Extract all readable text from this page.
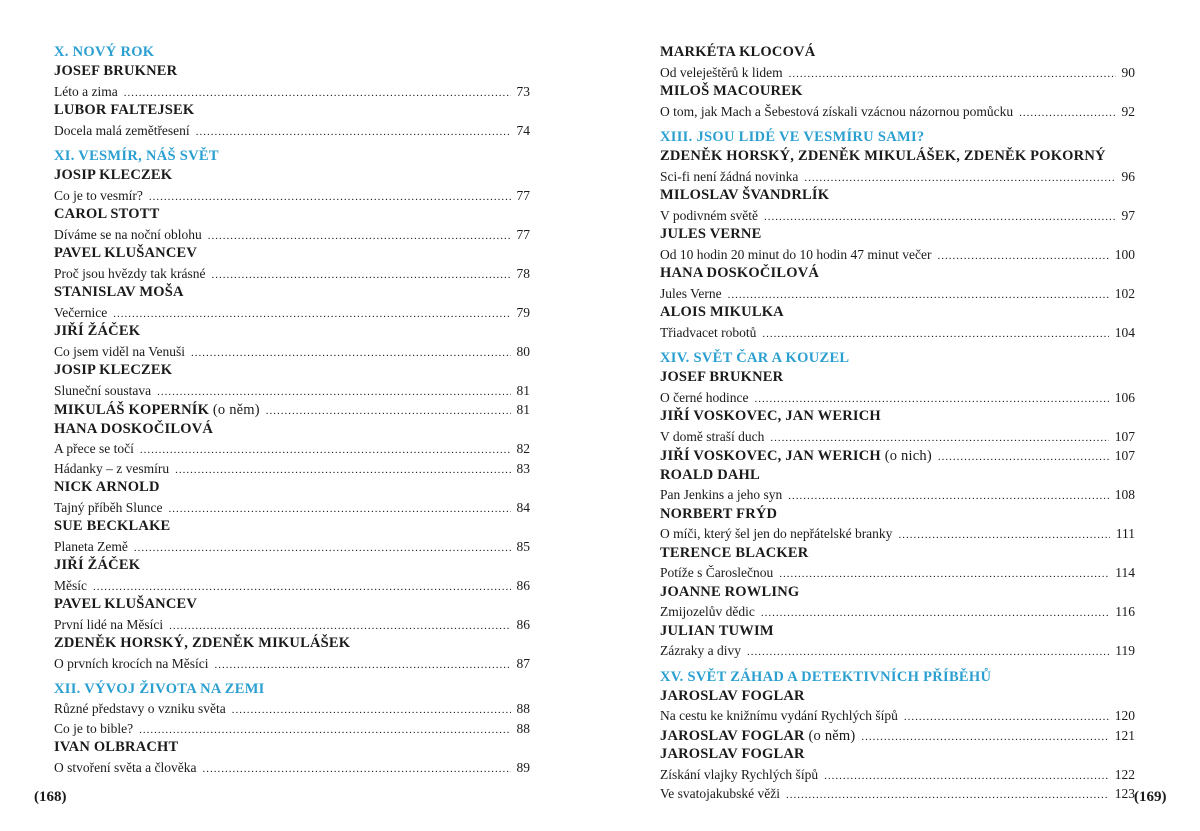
X. NOVÝ ROK
JOSEF BRUKNER
Léto a zima .....	73
LUBOR FALTEJSEK
Docela malá zemětřesení .....	74
XI. VESMÍR, NÁŠ SVĚT
JOSIP KLECZEK
Co je to vesmír? .....	77
CAROL STOTT
Díváme se na noční oblohu .....	77
PAVEL KLUŠANCEV
Proč jsou hvězdy tak krásné .....	78
STANISLAV MOŠA
Večernice .....	79
JIŘÍ ŽÁČEK
Co jsem viděl na Venuši .....	80
JOSIP KLECZEK
Sluneční soustava .....	81
MIKULÁŠ KOPERNÍK (o něm) .....	81
HANA DOSKOČILOVÁ
A přece se točí .....	82
Hádanky – z vesmíru .....	83
NICK ARNOLD
Tajný příběh Slunce .....	84
SUE BECKLAKE
Planeta Země .....	85
JIŘÍ ŽÁČEK
Měsíc .....	86
PAVEL KLUŠANCEV
První lidé na Měsíci .....	86
ZDENĚK HORSKÝ, ZDENĚK MIKULÁŠEK
O prvních krocích na Měsíci .....	87
XII. VÝVOJ ŽIVOTA NA ZEMI
Různé představy o vzniku světa .....	88
Co je to bible? .....	88
IVAN OLBRACHT
O stvoření světa a člověka .....	89
MARKÉTA KLOCOVÁ
Od veleještěrů k lidem .....	90
MILOŠ MACOUREK
O tom, jak Mach a Šebestová získali vzácnou názornou pomůcku .....	92
XIII. JSOU LIDÉ VE VESMÍRU SAMI?
ZDENĚK HORSKÝ, ZDENĚK MIKULÁŠEK, ZDENĚK POKORNÝ
Sci-fi není žádná novinka .....	96
MILOSLAV ŠVANDRLÍK
V podivném světě .....	97
JULES VERNE
Od 10 hodin 20 minut do 10 hodin 47 minut večer .....	100
HANA DOSKOČILOVÁ
Jules Verne .....	102
ALOIS MIKULKA
Třiadvacet robotů .....	104
XIV. SVĚT ČAR A KOUZEL
JOSEF BRUKNER
O černé hodince .....	106
JIŘÍ VOSKOVEC, JAN WERICH
V domě straší duch .....	107
JIŘÍ VOSKOVEC, JAN WERICH (o nich) .....	107
ROALD DAHL
Pan Jenkins a jeho syn .....	108
NORBERT FRÝD
O míči, který šel jen do nepřátelské branky .....	111
TERENCE BLACKER
Potíže s Čaroslečnou .....	114
JOANNE ROWLING
Zmijozelův dědic .....	116
JULIAN TUWIM
Zázraky a divy .....	119
XV. SVĚT ZÁHAD A DETEKTIVNÍCH PŘÍBĚHŮ
JAROSLAV FOGLAR
Na cestu ke knižnímu vydání Rychlých šípů .....	120
JAROSLAV FOGLAR (o něm) .....	121
JAROSLAV FOGLAR
Získání vlajky Rychlých šípů .....	122
Ve svatojakubské věži .....	123
(168)	(169)
